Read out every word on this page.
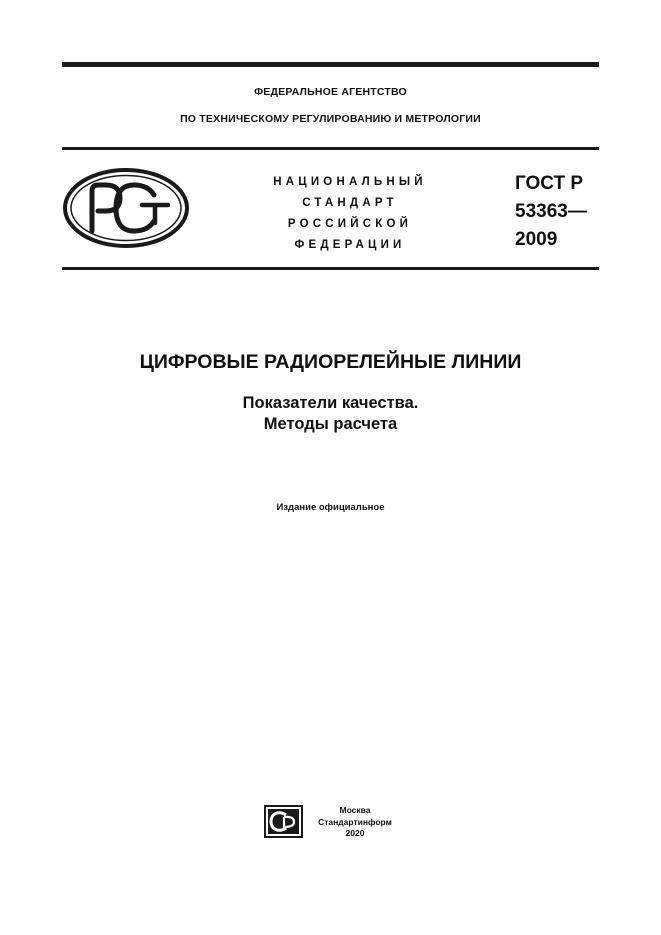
ФЕДЕРАЛЬНОЕ АГЕНТСТВО
ПО ТЕХНИЧЕСКОМУ РЕГУЛИРОВАНИЮ И МЕТРОЛОГИИ
НАЦИОНАЛЬНЫЙ
СТАНДАРТ
РОССИЙСКОЙ
ФЕДЕРАЦИИ
ГОСТ Р
53363—
2009
ЦИФРОВЫЕ РАДИОРЕЛЕЙНЫЕ ЛИНИИ
Показатели качества.
Методы расчета
Издание официальное
Москва
Стандартинформ
2020
